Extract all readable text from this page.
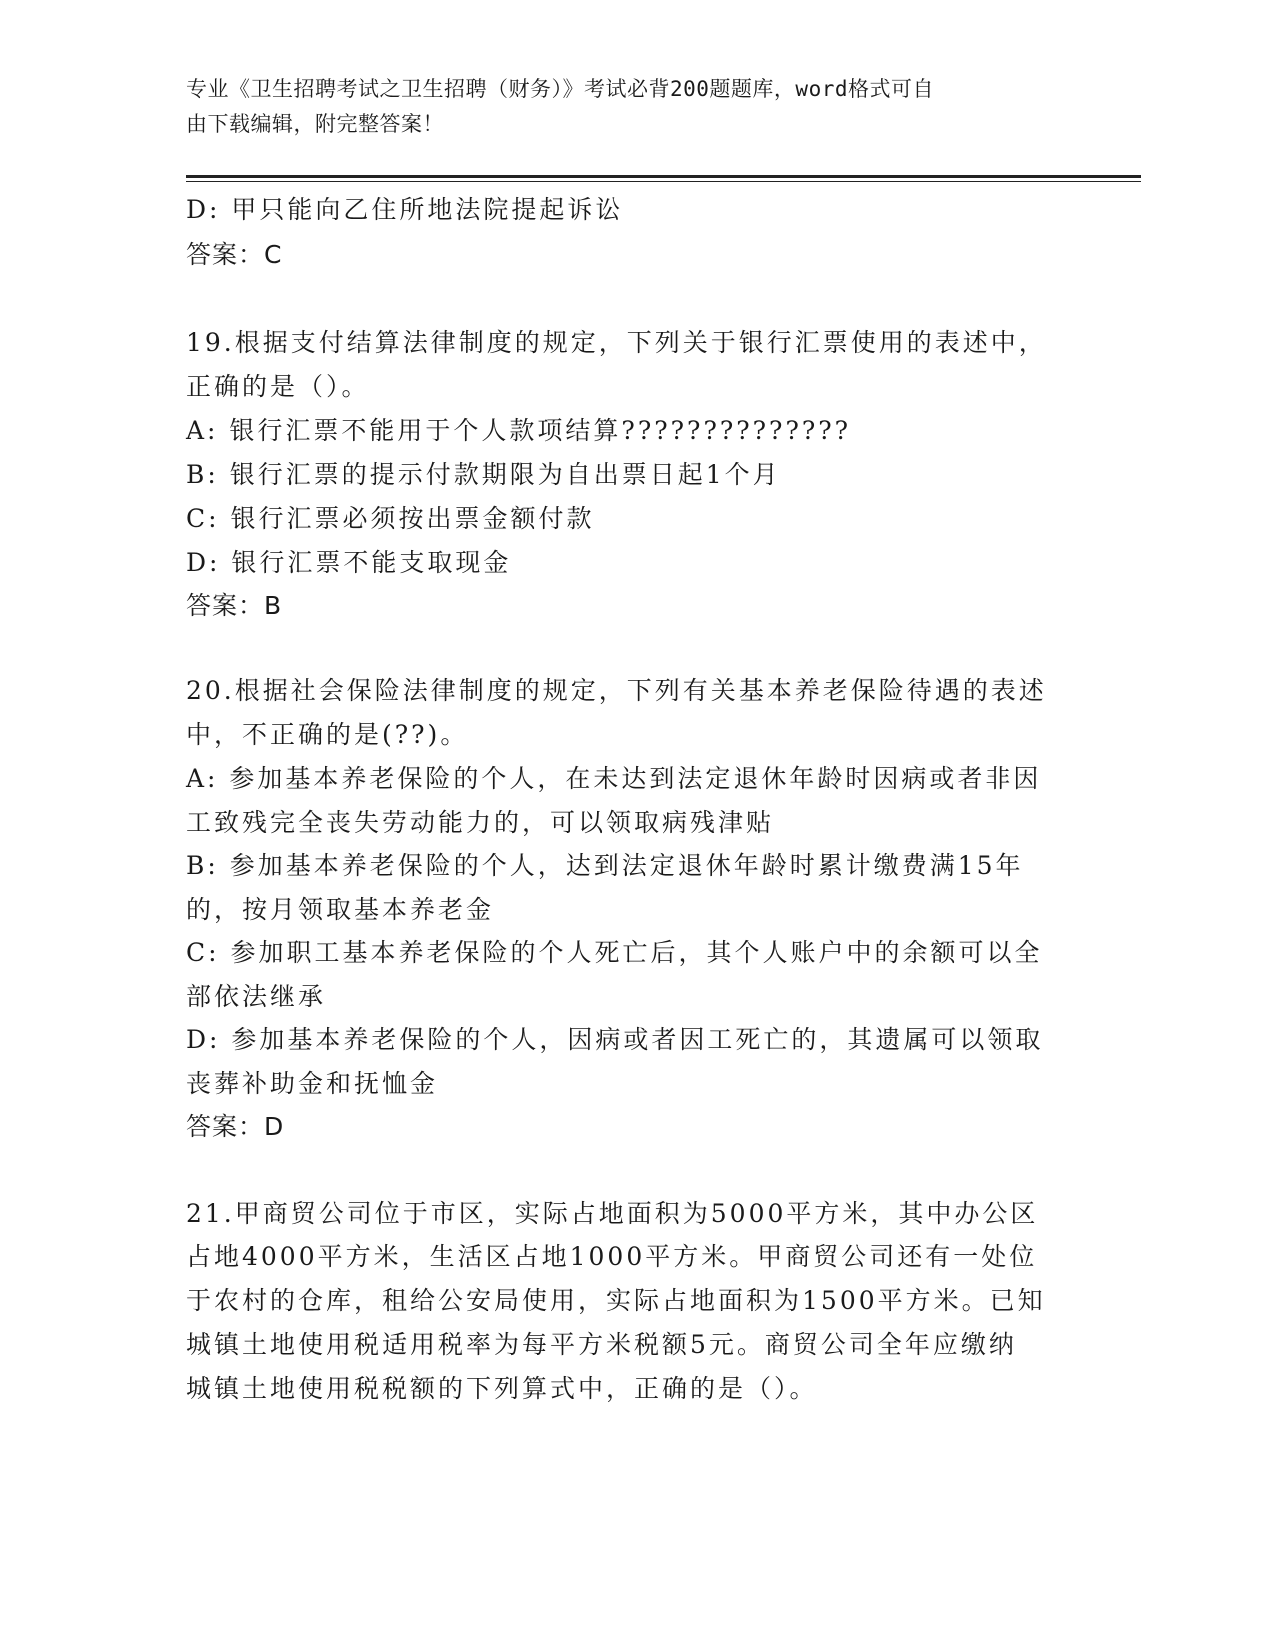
专业《卫生招聘考试之卫生招聘（财务）》考试必背200题题库，word格式可自
由下载编辑，附完整答案！
D: 甲只能向乙住所地法院提起诉讼
答案：C
19.根据支付结算法律制度的规定，下列关于银行汇票使用的表述中，
正确的是（）。
A: 银行汇票不能用于个人款项结算??????????????
B: 银行汇票的提示付款期限为自出票日起1个月
C: 银行汇票必须按出票金额付款
D: 银行汇票不能支取现金
答案：B
20.根据社会保险法律制度的规定，下列有关基本养老保险待遇的表述
中，不正确的是(??)。
A: 参加基本养老保险的个人，在未达到法定退休年龄时因病或者非因
工致残完全丧失劳动能力的，可以领取病残津贴
B: 参加基本养老保险的个人，达到法定退休年龄时累计缴费满15年
的，按月领取基本养老金
C: 参加职工基本养老保险的个人死亡后，其个人账户中的余额可以全
部依法继承
D: 参加基本养老保险的个人，因病或者因工死亡的，其遗属可以领取
丧葬补助金和抚恤金
答案：D
21.甲商贸公司位于市区，实际占地面积为5000平方米，其中办公区
占地4000平方米，生活区占地1000平方米。甲商贸公司还有一处位
于农村的仓库，租给公安局使用，实际占地面积为1500平方米。已知
城镇土地使用税适用税率为每平方米税额5元。商贸公司全年应缴纳
城镇土地使用税税额的下列算式中，正确的是（）。
